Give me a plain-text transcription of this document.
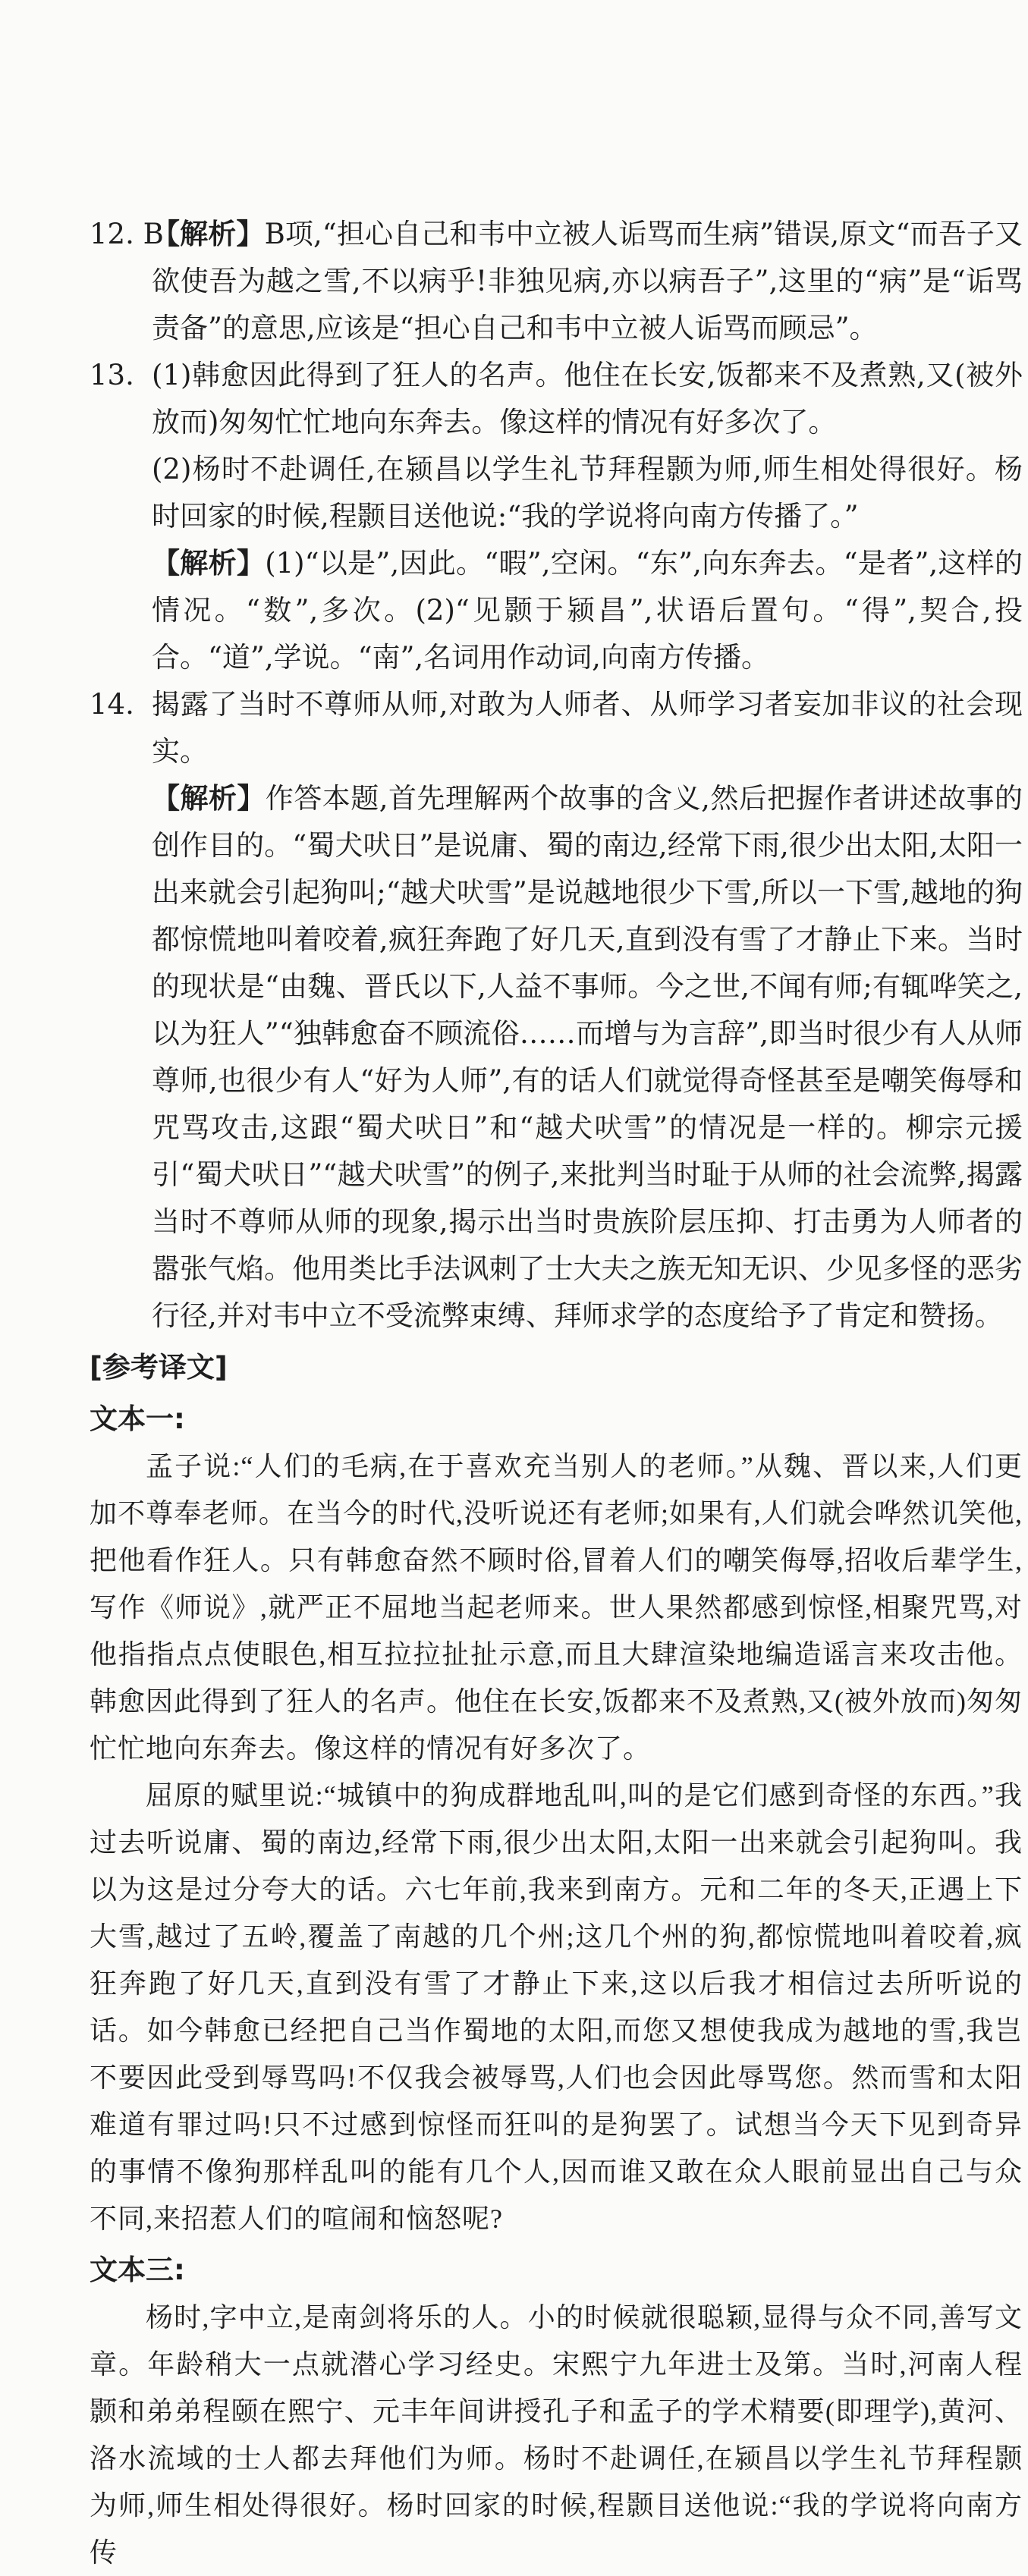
12. B
【解析】B项,“担心自己和韦中立被人诟骂而生病”错误,原文“而吾子又欲使吾为越之雪,不以病乎!非独见病,亦以病吾子”,这里的“病”是“诟骂责备”的意思,应该是“担心自己和韦中立被人诟骂而顾忌”。

13. (1)韩愈因此得到了狂人的名声。他住在长安,饭都来不及煮熟,又(被外放而)匆匆忙忙地向东奔去。像这样的情况有好多次了。

(2)杨时不赴调任,在颍昌以学生礼节拜程颢为师,师生相处得很好。杨时回家的时候,程颢目送他说:“我的学说将向南方传播了。”

【解析】(1)“以是”,因此。“暇”,空闲。“东”,向东奔去。“是者”,这样的情况。“数”,多次。(2)“见颢于颍昌”,状语后置句。“得”,契合,投合。“道”,学说。“南”,名词用作动词,向南方传播。

14. 揭露了当时不尊师从师,对敢为人师者、从师学习者妄加非议的社会现实。

【解析】作答本题,首先理解两个故事的含义,然后把握作者讲述故事的创作目的。“蜀犬吠日”是说庸、蜀的南边,经常下雨,很少出太阳,太阳一出来就会引起狗叫;“越犬吠雪”是说越地很少下雪,所以一下雪,越地的狗都惊慌地叫着咬着,疯狂奔跑了好几天,直到没有雪了才静止下来。当时的现状是“由魏、晋氏以下,人益不事师。今之世,不闻有师;有辄哗笑之,以为狂人”“独韩愈奋不顾流俗……而增与为言辞”,即当时很少有人从师尊师,也很少有人“好为人师”,有的话人们就觉得奇怪甚至是嘲笑侮辱和咒骂攻击,这跟“蜀犬吠日”和“越犬吠雪”的情况是一样的。柳宗元援引“蜀犬吠日”“越犬吠雪”的例子,来批判当时耻于从师的社会流弊,揭露当时不尊师从师的现象,揭示出当时贵族阶层压抑、打击勇为人师者的嚣张气焰。他用类比手法讽刺了士大夫之族无知无识、少见多怪的恶劣行径,并对韦中立不受流弊束缚、拜师求学的态度给予了肯定和赞扬。

[参考译文]

文本一:

孟子说:“人们的毛病,在于喜欢充当别人的老师。”从魏、晋以来,人们更加不尊奉老师。在当今的时代,没听说还有老师;如果有,人们就会哗然讥笑他,把他看作狂人。只有韩愈奋然不顾时俗,冒着人们的嘲笑侮辱,招收后辈学生,写作《师说》,就严正不屈地当起老师来。世人果然都感到惊怪,相聚咒骂,对他指指点点使眼色,相互拉拉扯扯示意,而且大肆渲染地编造谣言来攻击他。韩愈因此得到了狂人的名声。他住在长安,饭都来不及煮熟,又(被外放而)匆匆忙忙地向东奔去。像这样的情况有好多次了。

屈原的赋里说:“城镇中的狗成群地乱叫,叫的是它们感到奇怪的东西。”我过去听说庸、蜀的南边,经常下雨,很少出太阳,太阳一出来就会引起狗叫。我以为这是过分夸大的话。六七年前,我来到南方。元和二年的冬天,正遇上下大雪,越过了五岭,覆盖了南越的几个州;这几个州的狗,都惊慌地叫着咬着,疯狂奔跑了好几天,直到没有雪了才静止下来,这以后我才相信过去所听说的话。如今韩愈已经把自己当作蜀地的太阳,而您又想使我成为越地的雪,我岂不要因此受到辱骂吗!不仅我会被辱骂,人们也会因此辱骂您。然而雪和太阳难道有罪过吗!只不过感到惊怪而狂叫的是狗罢了。试想当今天下见到奇异的事情不像狗那样乱叫的能有几个人,因而谁又敢在众人眼前显出自己与众不同,来招惹人们的喧闹和恼怒呢?

文本三:

杨时,字中立,是南剑将乐的人。小的时候就很聪颖,显得与众不同,善写文章。年龄稍大一点就潜心学习经史。宋熙宁九年进士及第。当时,河南人程颢和弟弟程颐在熙宁、元丰年间讲授孔子和孟子的学术精要(即理学),黄河、洛水流域的士人都去拜他们为师。杨时不赴调任,在颍昌以学生礼节拜程颢为师,师生相处得很好。杨时回家的时候,程颢目送他说:“我的学说将向南方传
